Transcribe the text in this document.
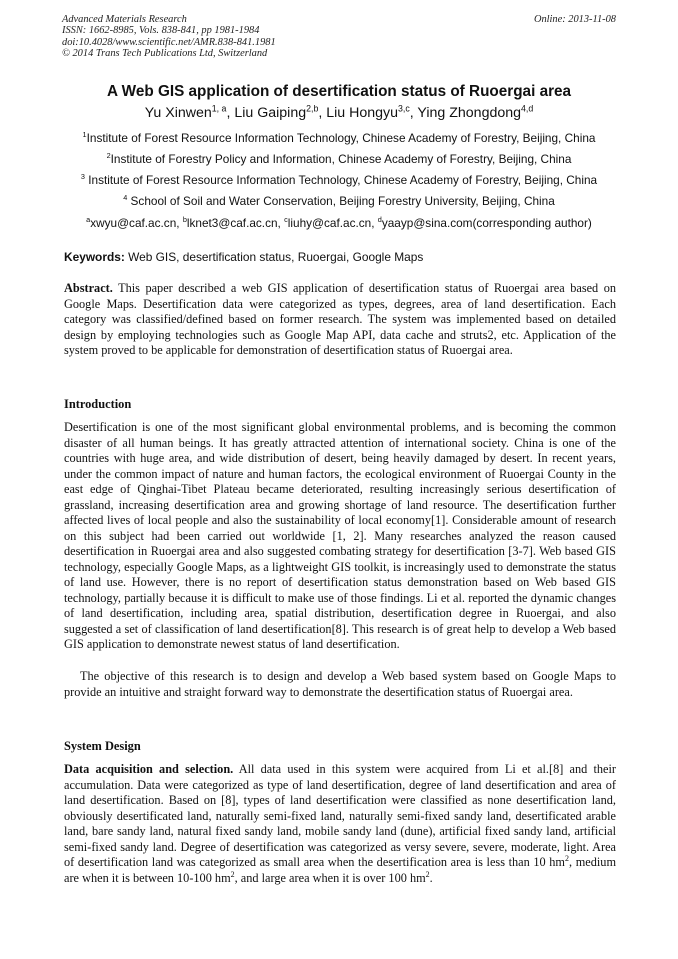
Advanced Materials Research
ISSN: 1662-8985, Vols. 838-841, pp 1981-1984
doi:10.4028/www.scientific.net/AMR.838-841.1981
© 2014 Trans Tech Publications Ltd, Switzerland
Online: 2013-11-08
A Web GIS application of desertification status of Ruoergai area
Yu Xinwen$^{1, a}$, Liu Gaiping$^{2,b}$, Liu Hongyu$^{3,c}$, Ying Zhongdong$^{4,d}$
$^1$Institute of Forest Resource Information Technology, Chinese Academy of Forestry, Beijing, China
$^2$Institute of Forestry Policy and Information, Chinese Academy of Forestry, Beijing, China
$^3$ Institute of Forest Resource Information Technology, Chinese Academy of Forestry, Beijing, China
$^4$ School of Soil and Water Conservation, Beijing Forestry University, Beijing, China
$^a$xwyu@caf.ac.cn, $^b$lknet3@caf.ac.cn, $^c$liuhy@caf.ac.cn, $^d$yaayp@sina.com(corresponding author)
Keywords: Web GIS, desertification status, Ruoergai, Google Maps
Abstract. This paper described a web GIS application of desertification status of Ruoergai area based on Google Maps. Desertification data were categorized as types, degrees, area of land desertification. Each category was classified/defined based on former research. The system was implemented based on detailed design by employing technologies such as Google Map API, data cache and struts2, etc. Application of the system proved to be applicable for demonstration of desertification status of Ruoergai area.
Introduction
Desertification is one of the most significant global environmental problems, and is becoming the common disaster of all human beings. It has greatly attracted attention of international society. China is one of the countries with huge area, and wide distribution of desert, being heavily damaged by desert. In recent years, under the common impact of nature and human factors, the ecological environment of Ruoergai County in the east edge of Qinghai-Tibet Plateau became deteriorated, resulting increasingly serious desertification of grassland, increasing desertification area and growing shortage of land resource. The desertification further affected lives of local people and also the sustainability of local economy[1]. Considerable amount of research on this subject had been carried out worldwide [1, 2]. Many researches analyzed the reason caused desertification in Ruoergai area and also suggested combating strategy for desertification [3-7]. Web based GIS technology, especially Google Maps, as a lightweight GIS toolkit, is increasingly used to demonstrate the status of land use. However, there is no report of desertification status demonstration based on Web based GIS technology, partially because it is difficult to make use of those findings. Li et al. reported the dynamic changes of land desertification, including area, spatial distribution, desertification degree in Ruoergai, and also suggested a set of classification of land desertification[8]. This research is of great help to develop a Web based GIS application to demonstrate newest status of land desertification.
The objective of this research is to design and develop a Web based system based on Google Maps to provide an intuitive and straight forward way to demonstrate the desertification status of Ruoergai area.
System Design
Data acquisition and selection. All data used in this system were acquired from Li et al.[8] and their accumulation. Data were categorized as type of land desertification, degree of land desertification and area of land desertification. Based on [8], types of land desertification were classified as none desertification land, obviously desertificated land, naturally semi-fixed land, naturally semi-fixed sandy land, desertificated arable land, bare sandy land, natural fixed sandy land, mobile sandy land (dune), artificial fixed sandy land, artificial semi-fixed sandy land. Degree of desertification was categorized as versy severe, severe, moderate, light. Area of desertification land was categorized as small area when the desertification area is less than 10 $hm^2$, medium are when it is between 10-100 $hm^2$, and large area when it is over 100 $hm^2$.
